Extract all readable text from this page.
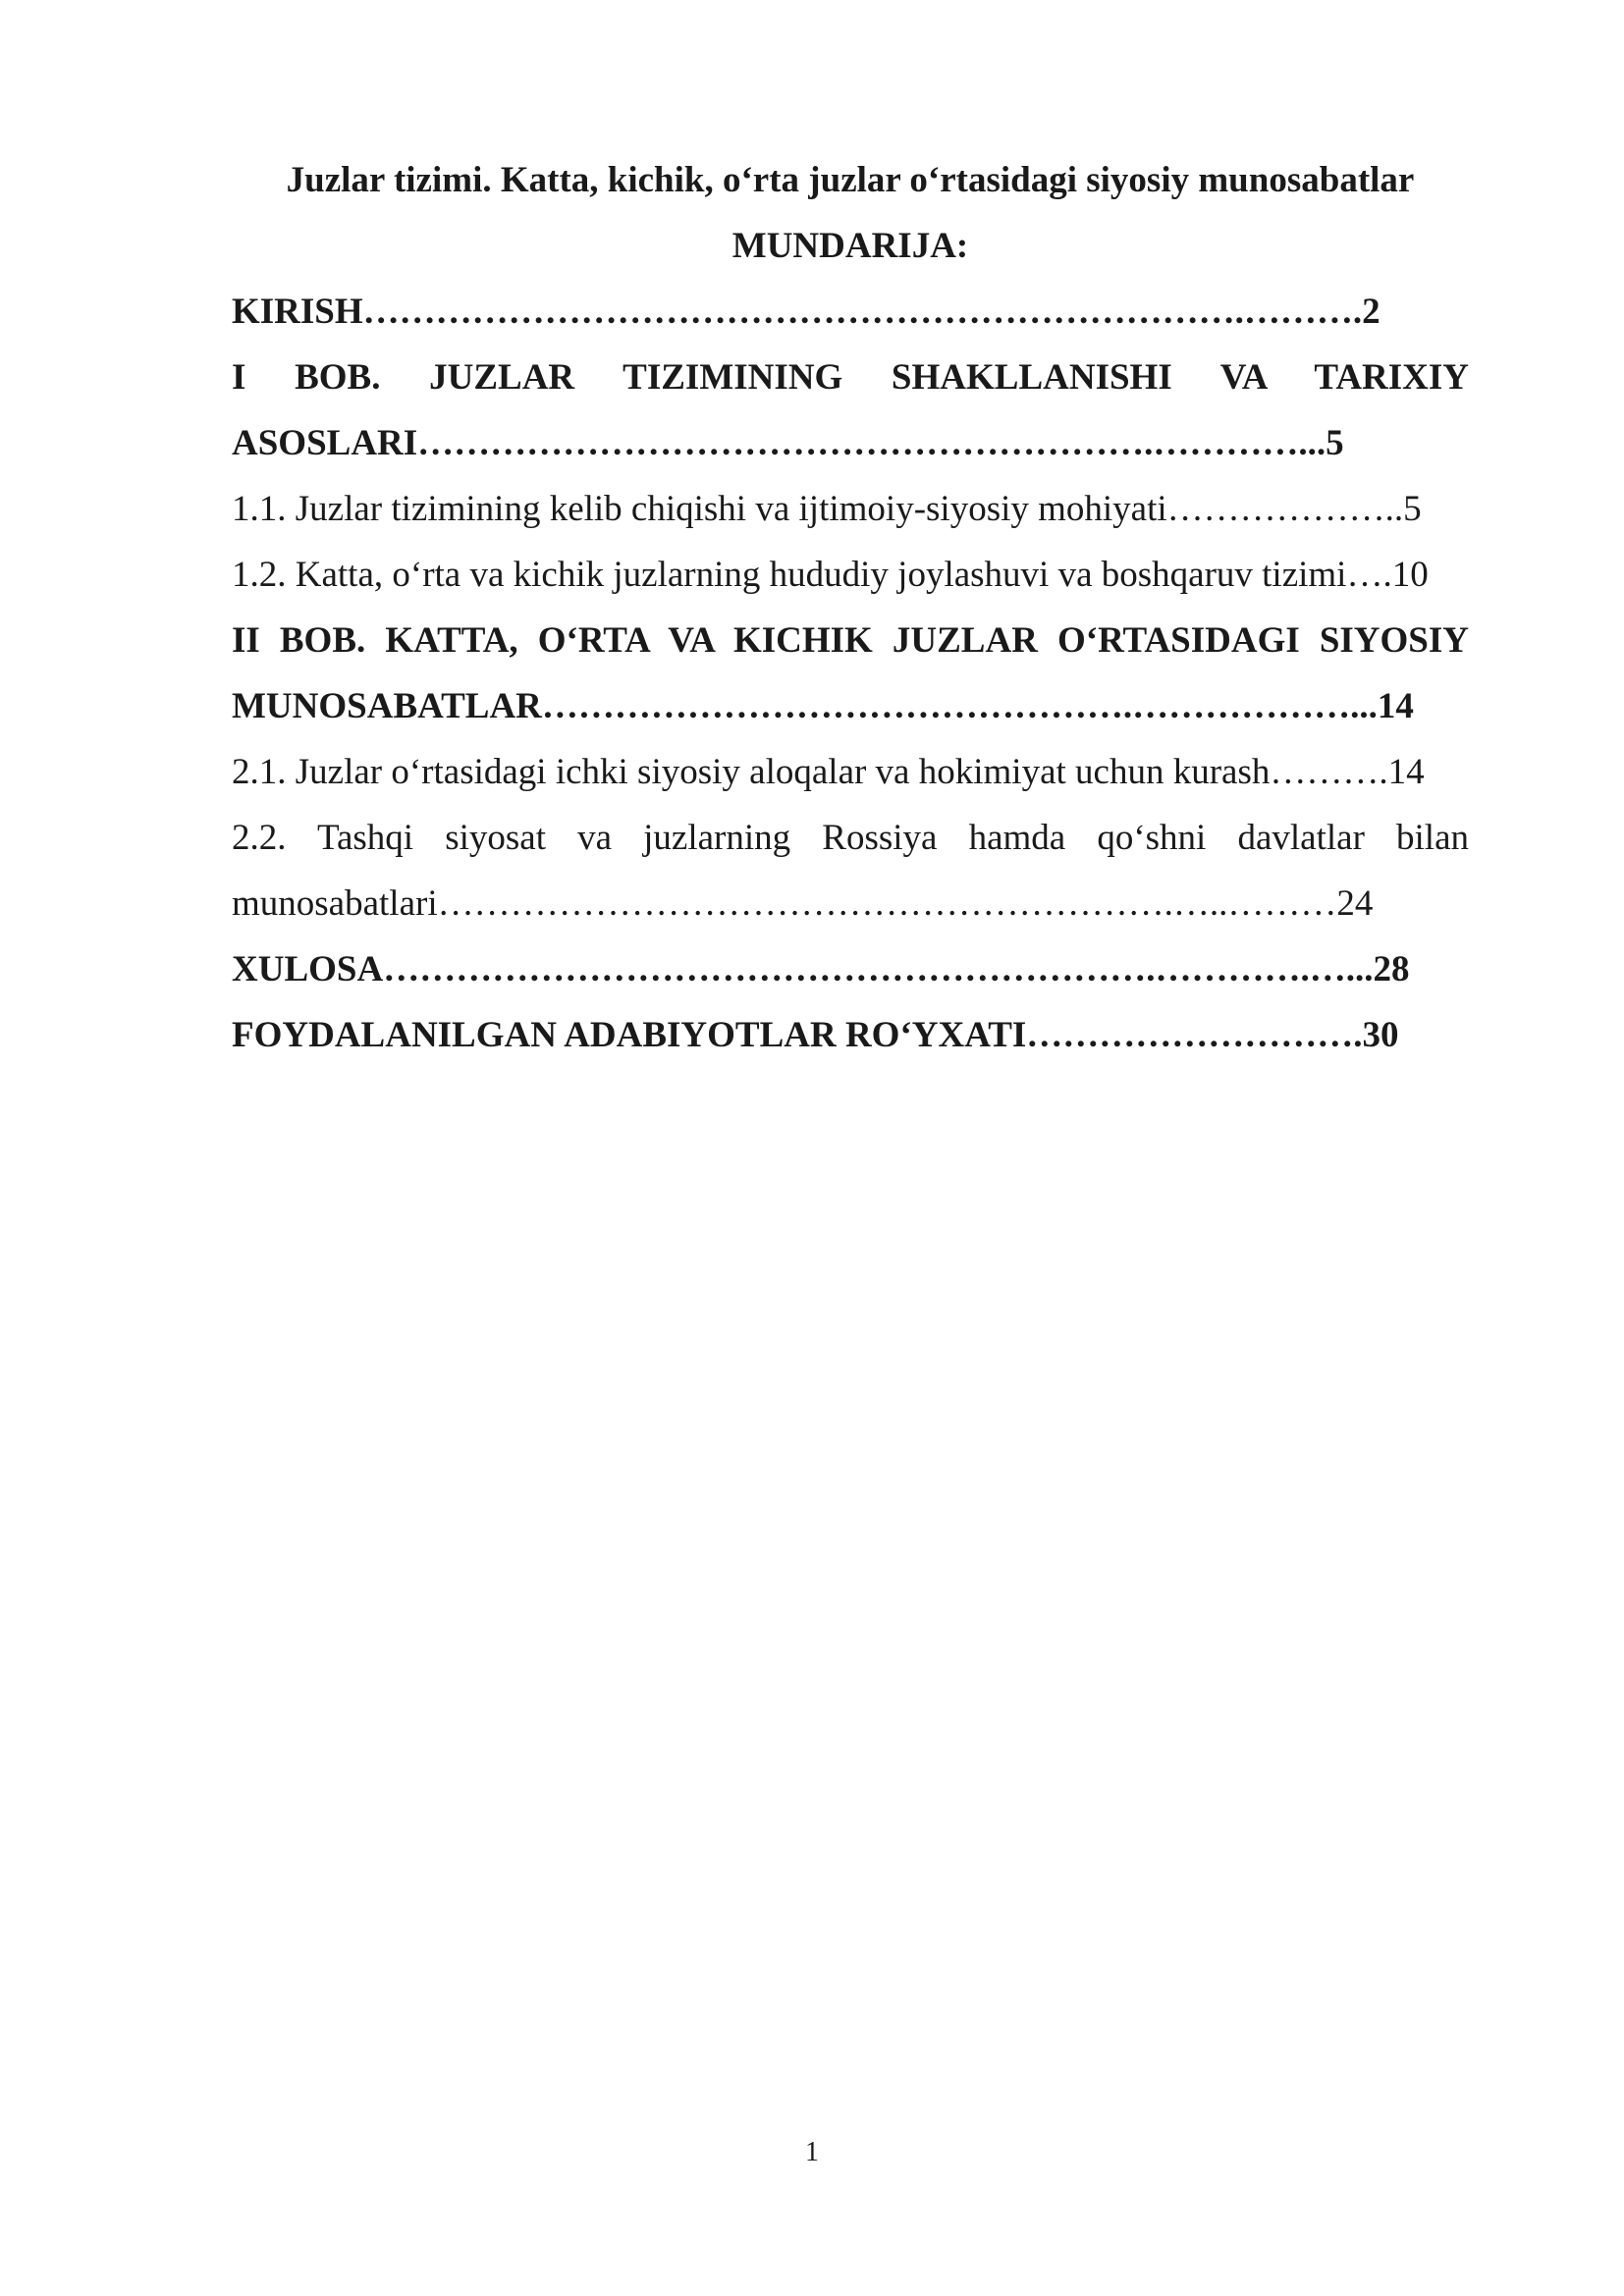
Juzlar tizimi. Katta, kichik, o‘rta juzlar o‘rtasidagi siyosiy munosabatlar

MUNDARIJA:

KIRISH……………………………………………………………….……….2

I BOB. JUZLAR TIZIMINING SHAKLLANISHI VA TARIXIY

ASOSLARI…………………………………………………….…………...5

1.1. Juzlar tizimining kelib chiqishi va ijtimoiy-siyosiy mohiyati………………..5

1.2. Katta, o‘rta va kichik juzlarning hududiy joylashuvi va boshqaruv tizimi….10

II BOB. KATTA, O‘RTA VA KICHIK JUZLAR O‘RTASIDAGI SIYOSIY

MUNOSABATLAR………………………………………….………………...14

2.1. Juzlar o‘rtasidagi ichki siyosiy aloqalar va hokimiyat uchun kurash……….14

2.2. Tashqi siyosat va juzlarning Rossiya hamda qo‘shni davlatlar bilan

munosabatlari…………………………………………………….…..………24

XULOSA……………………………………………………….………….…...28

FOYDALANILGAN ADABIYOTLAR RO‘YXATI……………………….30

1
